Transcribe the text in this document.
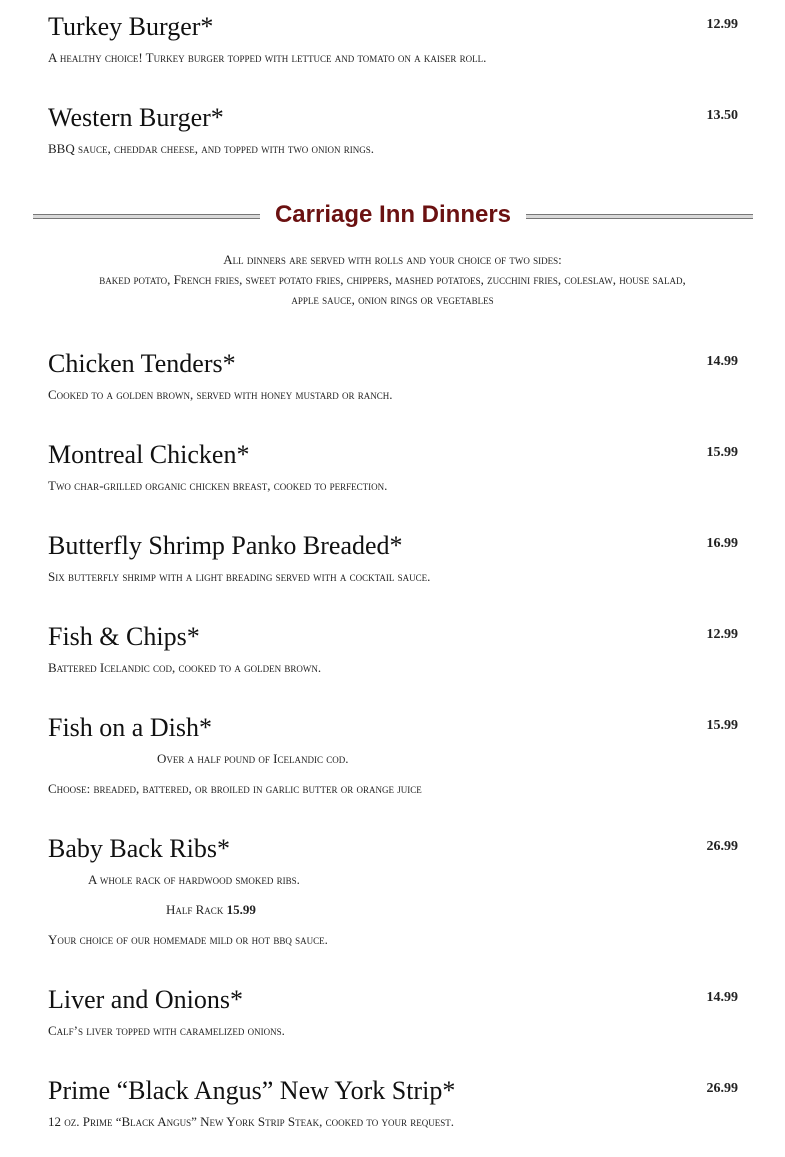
Turkey Burger*	12.99
A healthy choice! Turkey burger topped with lettuce and tomato on a kaiser roll.
Western Burger*	13.50
BBQ sauce, cheddar cheese, and topped with two onion rings.
Carriage Inn Dinners
All dinners are served with rolls and your choice of two sides:
baked potato, French fries, sweet potato fries, chippers, mashed potatoes, zucchini fries, coleslaw, house salad,
apple sauce, onion rings or vegetables
Chicken Tenders*	14.99
Cooked to a golden brown, served with honey mustard or ranch.
Montreal Chicken*	15.99
Two char-grilled organic chicken breast, cooked to perfection.
Butterfly Shrimp Panko Breaded*	16.99
Six butterfly shrimp with a light breading served with a cocktail sauce.
Fish & Chips*	12.99
Battered Icelandic cod, cooked to a golden brown.
Fish on a Dish*	15.99
Over a half pound of Icelandic cod.
Choose: breaded, battered, or broiled in garlic butter or orange juice
Baby Back Ribs*	26.99
A whole rack of hardwood smoked ribs.
Half Rack 15.99
Your choice of our homemade mild or hot bbq sauce.
Liver and Onions*	14.99
Calf’s liver topped with caramelized onions.
Prime “Black Angus” New York Strip*	26.99
12 oz. Prime “Black Angus” New York Strip Steak, cooked to your request.
